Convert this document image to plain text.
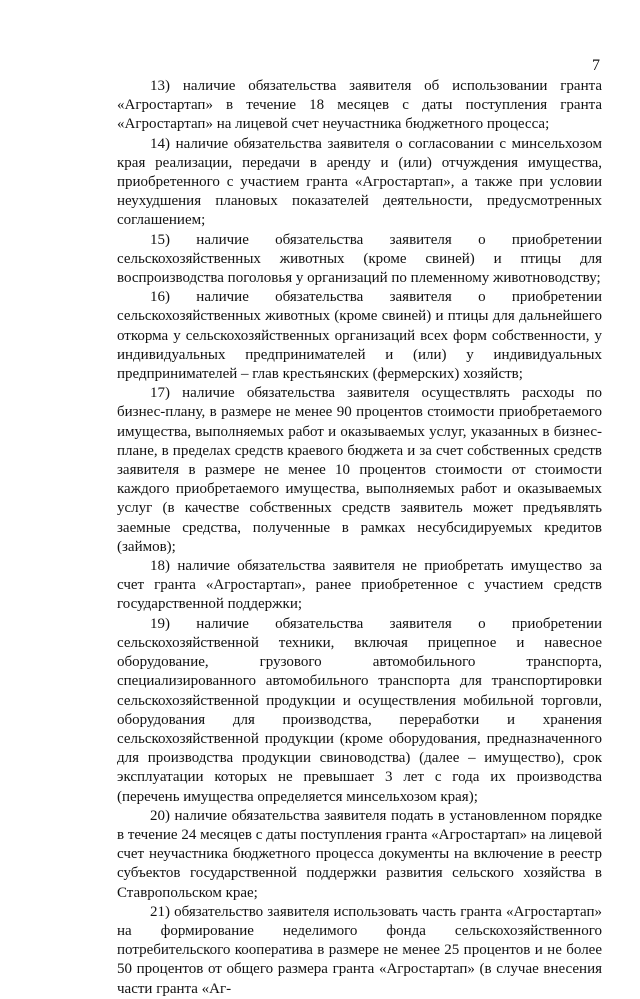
7

13) наличие обязательства заявителя об использовании гранта «Агростартап» в течение 18 месяцев с даты поступления гранта «Агростартап» на лицевой счет неучастника бюджетного процесса;

14) наличие обязательства заявителя о согласовании с минсельхозом края реализации, передачи в аренду и (или) отчуждения имущества, приобретенного с участием гранта «Агростартап», а также при условии неухудшения плановых показателей деятельности, предусмотренных соглашением;

15) наличие обязательства заявителя о приобретении сельскохозяйственных животных (кроме свиней) и птицы для воспроизводства поголовья у организаций по племенному животноводству;

16) наличие обязательства заявителя о приобретении сельскохозяйственных животных (кроме свиней) и птицы для дальнейшего откорма у сельскохозяйственных организаций всех форм собственности, у индивидуальных предпринимателей и (или) у индивидуальных предпринимателей – глав крестьянских (фермерских) хозяйств;

17) наличие обязательства заявителя осуществлять расходы по бизнес-плану, в размере не менее 90 процентов стоимости приобретаемого имущества, выполняемых работ и оказываемых услуг, указанных в бизнес-плане, в пределах средств краевого бюджета и за счет собственных средств заявителя в размере не менее 10 процентов стоимости от стоимости каждого приобретаемого имущества, выполняемых работ и оказываемых услуг (в качестве собственных средств заявитель может предъявлять заемные средства, полученные в рамках несубсидируемых кредитов (займов);

18) наличие обязательства заявителя не приобретать имущество за счет гранта «Агростартап», ранее приобретенное с участием средств государственной поддержки;

19) наличие обязательства заявителя о приобретении сельскохозяйственной техники, включая прицепное и навесное оборудование, грузового автомобильного транспорта, специализированного автомобильного транспорта для транспортировки сельскохозяйственной продукции и осуществления мобильной торговли, оборудования для производства, переработки и хранения сельскохозяйственной продукции (кроме оборудования, предназначенного для производства продукции свиноводства) (далее – имущество), срок эксплуатации которых не превышает 3 лет с года их производства (перечень имущества определяется минсельхозом края);

20) наличие обязательства заявителя подать в установленном порядке в течение 24 месяцев с даты поступления гранта «Агростартап» на лицевой счет неучастника бюджетного процесса документы на включение в реестр субъектов государственной поддержки развития сельского хозяйства в Ставропольском крае;

21) обязательство заявителя использовать часть гранта «Агростартап» на формирование неделимого фонда сельскохозяйственного потребительского кооператива в размере не менее 25 процентов и не более 50 процентов от общего размера гранта «Агростартап» (в случае внесения части гранта «Аг-
